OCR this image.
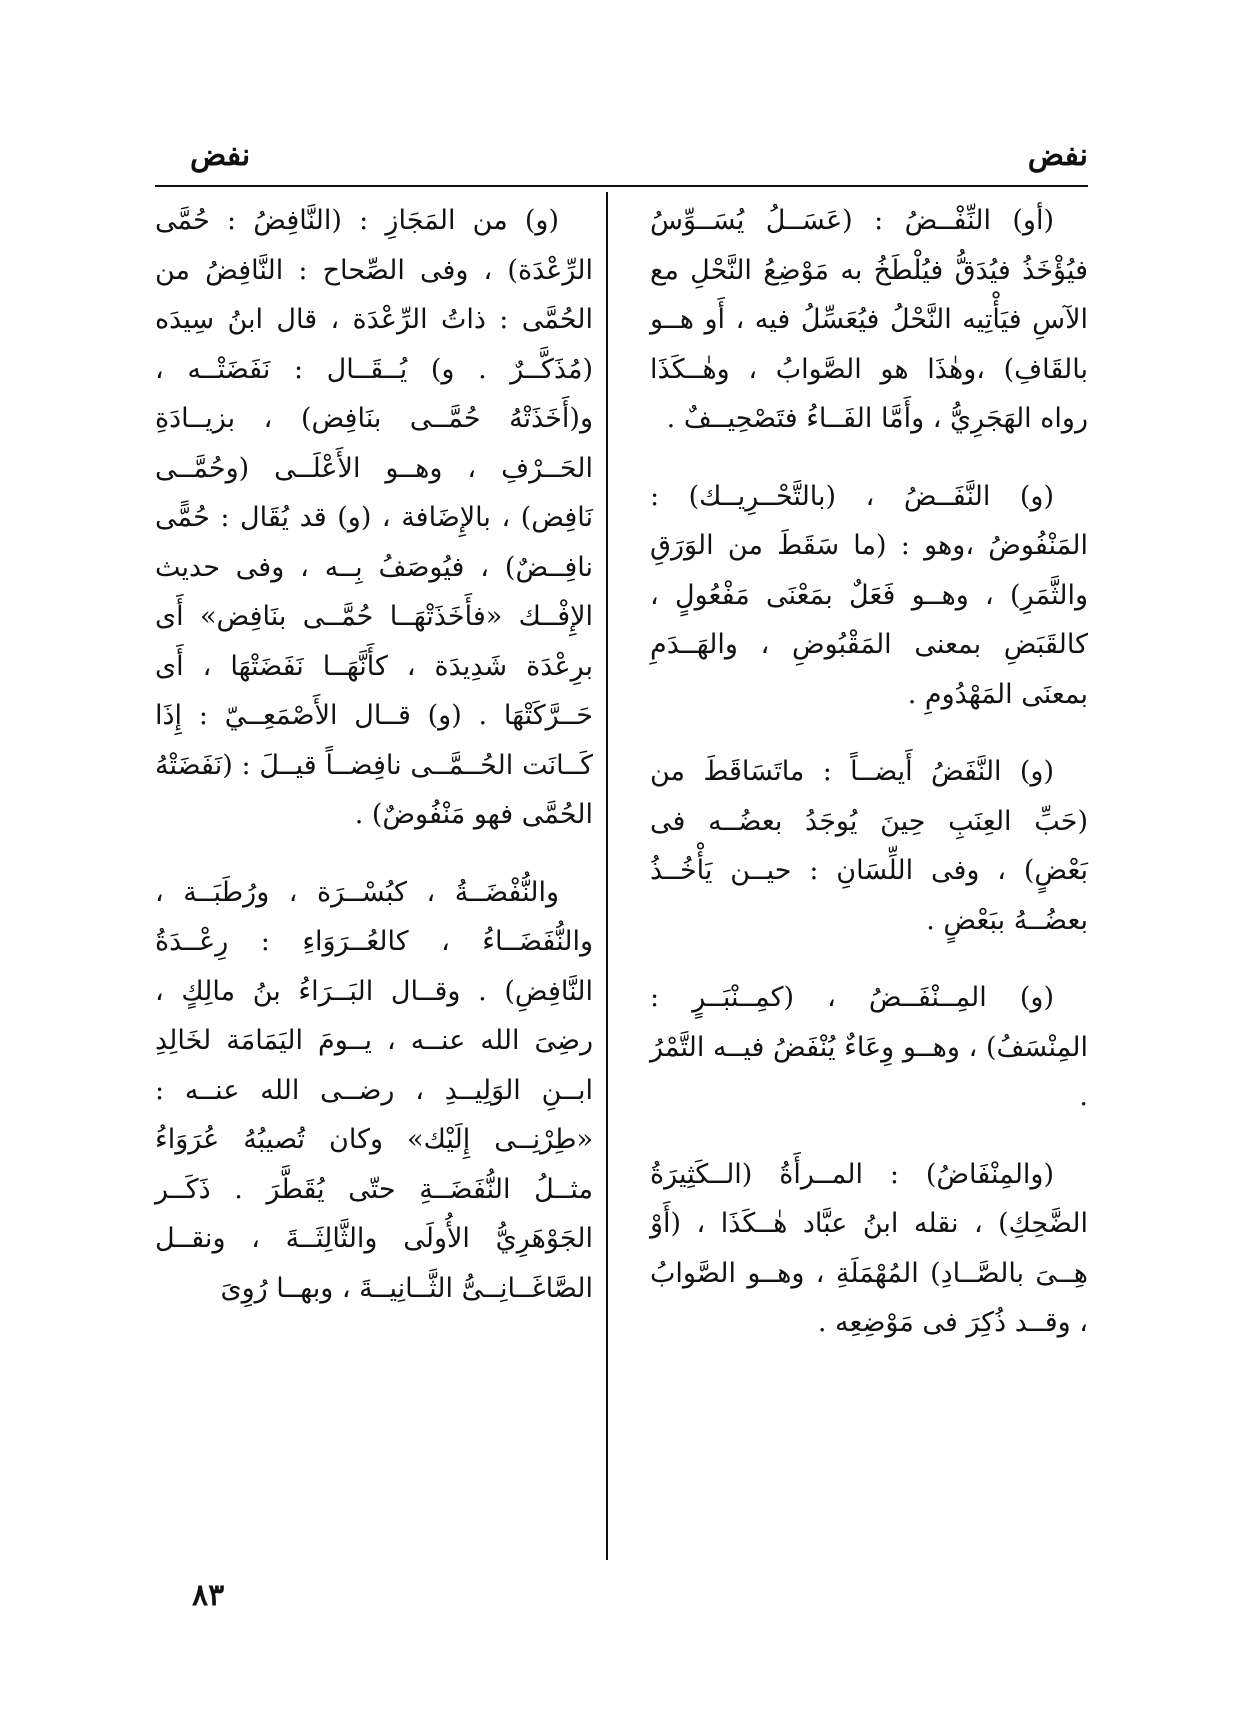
نفض
نفض

(أو) النِّفْــضُ : (عَسَــلُ يُسَــوِّسُ فيُؤْخَذُ فيُدَقُّ فيُلْطَخُ به مَوْضِعُ النَّحْلِ مع الآسِ فيَأْتِيه النَّحْلُ فيُعَسِّلُ فيه ، أَو هــو بالقَافِ) ،وهٰذَا هو الصَّوابُ ، وهٰــكَذَا رواه الهَجَرِيُّ ، وأَمَّا الفَــاءُ فتَصْحِيــفٌ .

(و) النَّفَــضُ ، (بالتَّحْــرِيــك) : المَنْفُوضُ ،وهو : (ما سَقَطَ من الوَرَقِ والثَّمَرِ) ، وهــو فَعَلٌ بمَعْنَى مَفْعُولٍ ، كالقَبَضِ بمعنى المَقْبُوضِ ، والهَــدَمِ بمعنَى المَهْدُومِ .

(و) النَّفَضُ أَيضــاً : ماتَسَاقَطَ من (حَبِّ العِنَبِ حِينَ يُوجَدُ بعضُــه فى بَعْضٍ) ، وفى اللِّسَانِ : حيــن يَأْخُــذُ بعضُــهُ ببَعْضٍ .

(و) المِــنْفَــضُ ، (كمِــنْبَــرٍ : المِنْسَفُ) ، وهــو وِعَاءٌ يُنْفَضُ فيــه التَّمْرُ .

(والمِنْفَاضُ) : المــرأَةُ (الــكَثِيرَةُ الضَّحِكِ) ، نقله ابنُ عبَّاد هٰــكَذَا ، (أَوْ هِــىَ بالصَّــادِ) المُهْمَلَةِ ، وهــو الصَّوابُ ، وقــد ذُكِرَ فى مَوْضِعِه .

(و) من المَجَازِ : (النَّافِضُ : حُمَّى الرِّعْدَة) ، وفى الصِّحاح : النَّافِضُ من الحُمَّى : ذاتُ الرِّعْدَة ، قال ابنُ سِيدَه (مُذَكَّــرٌ . و) يُــقَــال : نَفَضَتْــه ، و(أَخَذَتْهُ حُمَّــى بنَافِض) ، بزيــادَةِ الحَــرْفِ ، وهــو الأَعْلَــى (وحُمَّــى نَافِض) ، بالإِضَافة ، (و) قد يُقَال : حُمًّى نافِــضٌ) ، فيُوصَفُ بِــه ، وفى حديث الإِفْــك «فأَخَذَتْهَــا حُمَّــى بنَافِض» أَى برِعْدَة شَدِيدَة ، كأَنَّهَــا نَفَضَتْهَا ، أَى حَــرَّكَتْهَا . (و) قــال الأَصْمَعِــيّ : إِذَا كَــانَت الحُــمَّــى نافِضــاً قيــلَ : (نَفَضَتْهُ الحُمَّى فهو مَنْفُوضٌ) .

والنُّفْضَــةُ ، كبُسْــرَة ، ورُطَبَــة ، والنُّفَضَــاءُ ، كالعُــرَوَاءِ : رِعْــدَةُ النَّافِضِ) . وقــال البَــرَاءُ بنُ مالِكٍ ، رضِىَ الله عنــه ، يــومَ اليَمَامَة لخَالِدِ ابــنِ الوَلِيــدِ ، رضــى الله عنــه : «طِرْنِــى إِلَيْك» وكان تُصيبُهُ عُرَوَاءُ مثــلُ النُّفَضَــةِ حتّى يُقَطَّرَ . ذَكَــر الجَوْهَرِيُّ الأُولَى والثَّالِثَــةَ ، ونقــل الصَّاغَــانِــىُّ الثَّــانِيــةَ ، وبهــا رُوِىَ

٨٣
